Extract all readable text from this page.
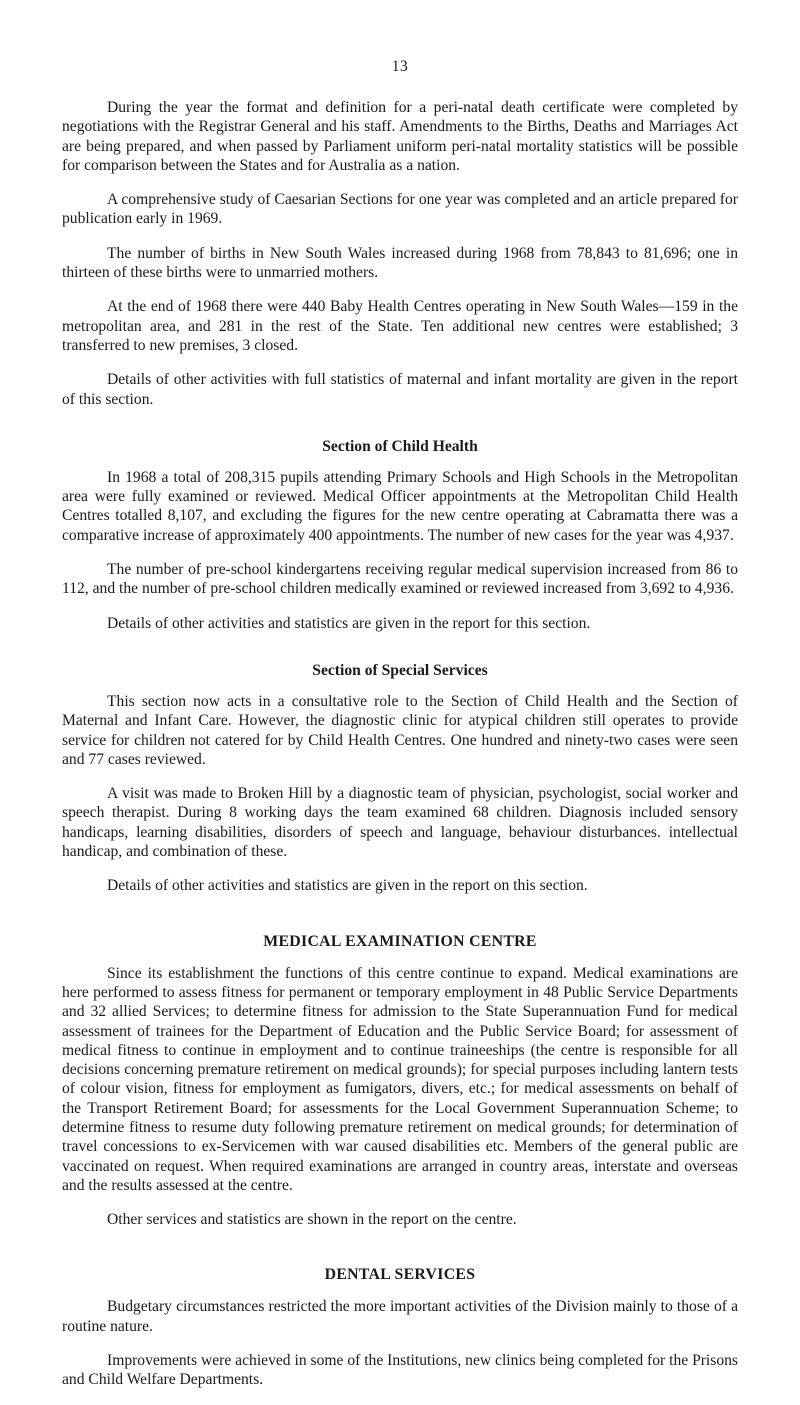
13

During the year the format and definition for a peri-natal death certificate were completed by negotiations with the Registrar General and his staff. Amendments to the Births, Deaths and Marriages Act are being prepared, and when passed by Parliament uniform peri-natal mortality statistics will be possible for comparison between the States and for Australia as a nation.

A comprehensive study of Caesarian Sections for one year was completed and an article prepared for publication early in 1969.

The number of births in New South Wales increased during 1968 from 78,843 to 81,696; one in thirteen of these births were to unmarried mothers.

At the end of 1968 there were 440 Baby Health Centres operating in New South Wales—159 in the metropolitan area, and 281 in the rest of the State. Ten additional new centres were established; 3 transferred to new premises, 3 closed.

Details of other activities with full statistics of maternal and infant mortality are given in the report of this section.

Section of Child Health

In 1968 a total of 208,315 pupils attending Primary Schools and High Schools in the Metropolitan area were fully examined or reviewed. Medical Officer appointments at the Metropolitan Child Health Centres totalled 8,107, and excluding the figures for the new centre operating at Cabramatta there was a comparative increase of approximately 400 appointments. The number of new cases for the year was 4,937.

The number of pre-school kindergartens receiving regular medical supervision increased from 86 to 112, and the number of pre-school children medically examined or reviewed increased from 3,692 to 4,936.

Details of other activities and statistics are given in the report for this section.

Section of Special Services

This section now acts in a consultative role to the Section of Child Health and the Section of Maternal and Infant Care. However, the diagnostic clinic for atypical children still operates to provide service for children not catered for by Child Health Centres. One hundred and ninety-two cases were seen and 77 cases reviewed.

A visit was made to Broken Hill by a diagnostic team of physician, psychologist, social worker and speech therapist. During 8 working days the team examined 68 children. Diagnosis included sensory handicaps, learning disabilities, disorders of speech and language, behaviour disturbances. intellectual handicap, and combination of these.

Details of other activities and statistics are given in the report on this section.

MEDICAL EXAMINATION CENTRE

Since its establishment the functions of this centre continue to expand. Medical examinations are here performed to assess fitness for permanent or temporary employment in 48 Public Service Departments and 32 allied Services; to determine fitness for admission to the State Superannuation Fund for medical assessment of trainees for the Department of Education and the Public Service Board; for assessment of medical fitness to continue in employment and to continue traineeships (the centre is responsible for all decisions concerning premature retirement on medical grounds); for special purposes including lantern tests of colour vision, fitness for employment as fumigators, divers, etc.; for medical assessments on behalf of the Transport Retirement Board; for assessments for the Local Government Superannuation Scheme; to determine fitness to resume duty following premature retirement on medical grounds; for determination of travel concessions to ex-Servicemen with war caused disabilities etc. Members of the general public are vaccinated on request. When required examinations are arranged in country areas, interstate and overseas and the results assessed at the centre.

Other services and statistics are shown in the report on the centre.

DENTAL SERVICES

Budgetary circumstances restricted the more important activities of the Division mainly to those of a routine nature.

Improvements were achieved in some of the Institutions, new clinics being completed for the Prisons and Child Welfare Departments.
